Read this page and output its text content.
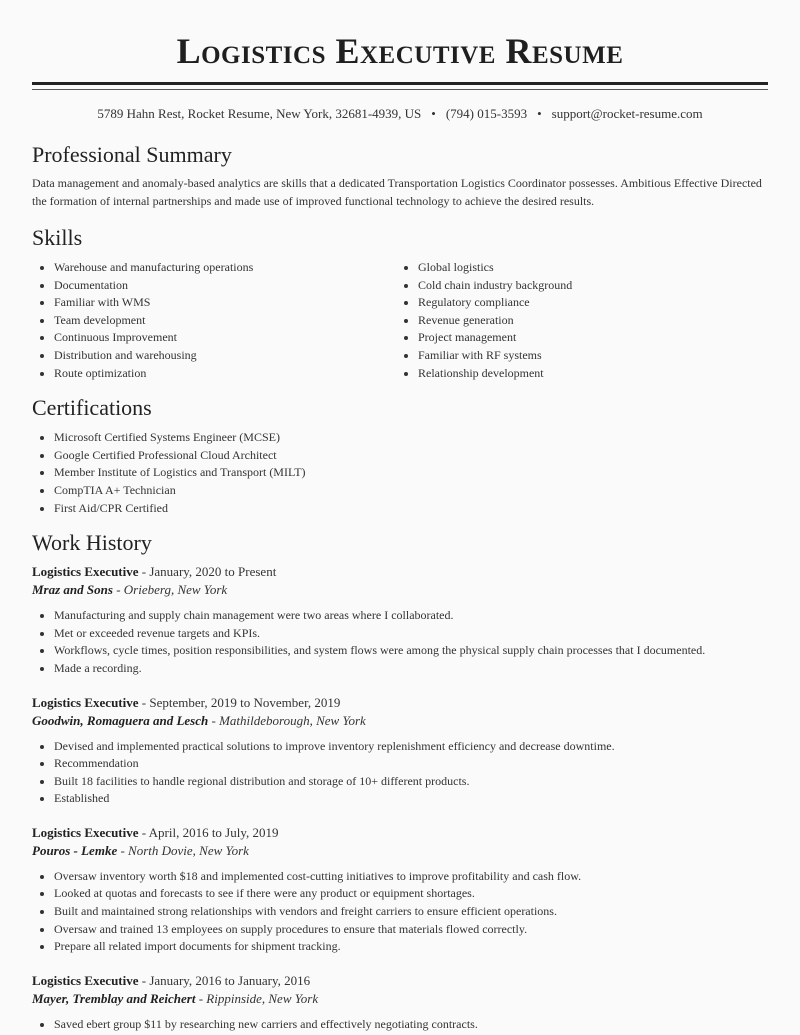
Logistics Executive Resume
5789 Hahn Rest, Rocket Resume, New York, 32681-4939, US • (794) 015-3593 • support@rocket-resume.com
Professional Summary
Data management and anomaly-based analytics are skills that a dedicated Transportation Logistics Coordinator possesses. Ambitious Effective Directed the formation of internal partnerships and made use of improved functional technology to achieve the desired results.
Skills
• Warehouse and manufacturing operations
• Documentation
• Familiar with WMS
• Team development
• Continuous Improvement
• Distribution and warehousing
• Route optimization
• Global logistics
• Cold chain industry background
• Regulatory compliance
• Revenue generation
• Project management
• Familiar with RF systems
• Relationship development
Certifications
• Microsoft Certified Systems Engineer (MCSE)
• Google Certified Professional Cloud Architect
• Member Institute of Logistics and Transport (MILT)
• CompTIA A+ Technician
• First Aid/CPR Certified
Work History
Logistics Executive - January, 2020 to Present
Mraz and Sons - Orieberg, New York
• Manufacturing and supply chain management were two areas where I collaborated.
• Met or exceeded revenue targets and KPIs.
• Workflows, cycle times, position responsibilities, and system flows were among the physical supply chain processes that I documented.
• Made a recording.
Logistics Executive - September, 2019 to November, 2019
Goodwin, Romaguera and Lesch - Mathildeborough, New York
• Devised and implemented practical solutions to improve inventory replenishment efficiency and decrease downtime.
• Recommendation
• Built 18 facilities to handle regional distribution and storage of 10+ different products.
• Established
Logistics Executive - April, 2016 to July, 2019
Pouros - Lemke - North Dovie, New York
• Oversaw inventory worth $18 and implemented cost-cutting initiatives to improve profitability and cash flow.
• Looked at quotas and forecasts to see if there were any product or equipment shortages.
• Built and maintained strong relationships with vendors and freight carriers to ensure efficient operations.
• Oversaw and trained 13 employees on supply procedures to ensure that materials flowed correctly.
• Prepare all related import documents for shipment tracking.
Logistics Executive - January, 2016 to January, 2016
Mayer, Tremblay and Reichert - Rippinside, New York
• Saved ebert group $11 by researching new carriers and effectively negotiating contracts.
